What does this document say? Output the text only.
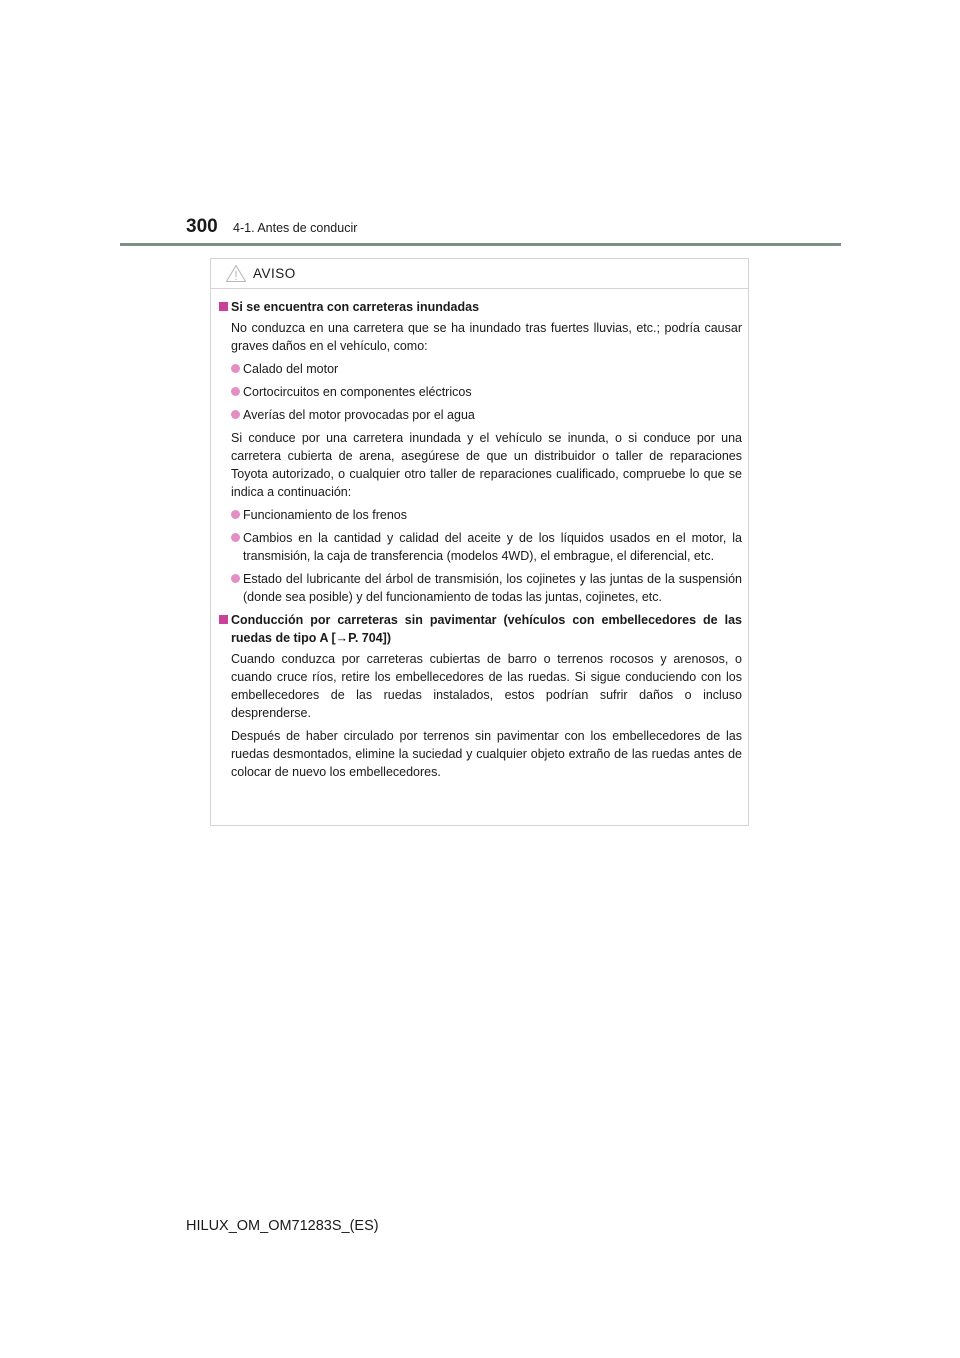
300 4-1. Antes de conducir
AVISO
Si se encuentra con carreteras inundadas
No conduzca en una carretera que se ha inundado tras fuertes lluvias, etc.; podría causar graves daños en el vehículo, como:
Calado del motor
Cortocircuitos en componentes eléctricos
Averías del motor provocadas por el agua
Si conduce por una carretera inundada y el vehículo se inunda, o si conduce por una carretera cubierta de arena, asegúrese de que un distribuidor o taller de reparaciones Toyota autorizado, o cualquier otro taller de reparaciones cualificado, compruebe lo que se indica a continuación:
Funcionamiento de los frenos
Cambios en la cantidad y calidad del aceite y de los líquidos usados en el motor, la transmisión, la caja de transferencia (modelos 4WD), el embrague, el diferencial, etc.
Estado del lubricante del árbol de transmisión, los cojinetes y las juntas de la suspensión (donde sea posible) y del funcionamiento de todas las juntas, cojinetes, etc.
Conducción por carreteras sin pavimentar (vehículos con embellecedores de las ruedas de tipo A [→P. 704])
Cuando conduzca por carreteras cubiertas de barro o terrenos rocosos y arenosos, o cuando cruce ríos, retire los embellecedores de las ruedas. Si sigue conduciendo con los embellecedores de las ruedas instalados, estos podrían sufrir daños o incluso desprenderse.
Después de haber circulado por terrenos sin pavimentar con los embellecedores de las ruedas desmontados, elimine la suciedad y cualquier objeto extraño de las ruedas antes de colocar de nuevo los embellecedores.
HILUX_OM_OM71283S_(ES)
